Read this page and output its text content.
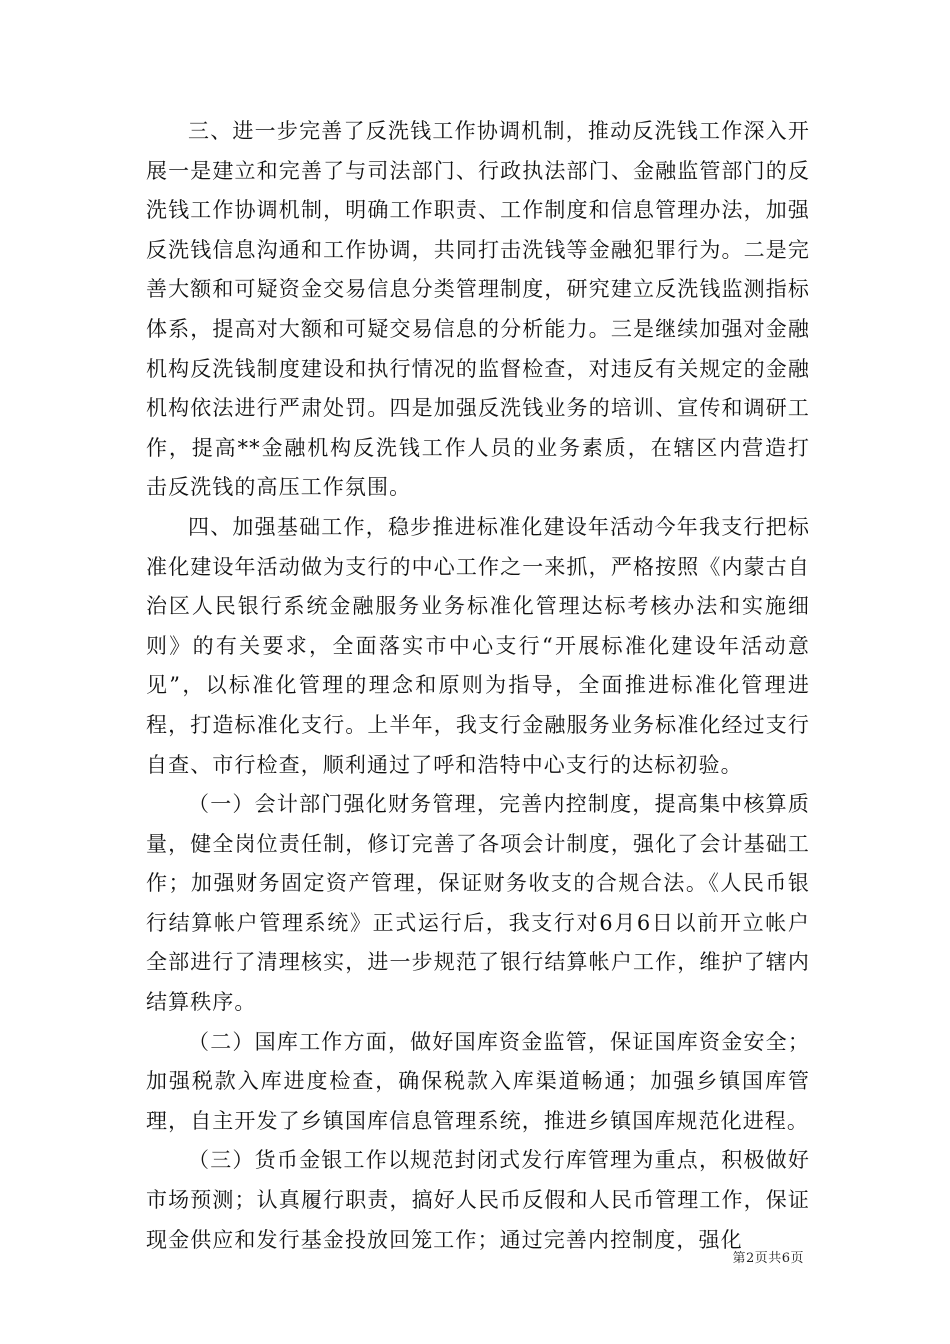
三、进一步完善了反洗钱工作协调机制，推动反洗钱工作深入开展一是建立和完善了与司法部门、行政执法部门、金融监管部门的反洗钱工作协调机制，明确工作职责、工作制度和信息管理办法，加强反洗钱信息沟通和工作协调，共同打击洗钱等金融犯罪行为。二是完善大额和可疑资金交易信息分类管理制度，研究建立反洗钱监测指标体系，提高对大额和可疑交易信息的分析能力。三是继续加强对金融机构反洗钱制度建设和执行情况的监督检查，对违反有关规定的金融机构依法进行严肃处罚。四是加强反洗钱业务的培训、宣传和调研工作，提高**金融机构反洗钱工作人员的业务素质，在辖区内营造打击反洗钱的高压工作氛围。

四、加强基础工作，稳步推进标准化建设年活动今年我支行把标准化建设年活动做为支行的中心工作之一来抓，严格按照《内蒙古自治区人民银行系统金融服务业务标准化管理达标考核办法和实施细则》的有关要求，全面落实市中心支行“开展标准化建设年活动意见”，以标准化管理的理念和原则为指导，全面推进标准化管理进程，打造标准化支行。上半年，我支行金融服务业务标准化经过支行自查、市行检查，顺利通过了呼和浩特中心支行的达标初验。

（一）会计部门强化财务管理，完善内控制度，提高集中核算质量，健全岗位责任制，修订完善了各项会计制度，强化了会计基础工作；加强财务固定资产管理，保证财务收支的合规合法。《人民币银行结算帐户管理系统》正式运行后，我支行对6月6日以前开立帐户全部进行了清理核实，进一步规范了银行结算帐户工作，维护了辖内结算秩序。

（二）国库工作方面，做好国库资金监管，保证国库资金安全；加强税款入库进度检查，确保税款入库渠道畅通；加强乡镇国库管理，自主开发了乡镇国库信息管理系统，推进乡镇国库规范化进程。

（三）货币金银工作以规范封闭式发行库管理为重点，积极做好市场预测；认真履行职责，搞好人民币反假和人民币管理工作，保证现金供应和发行基金投放回笼工作；通过完善内控制度，强化

第2页共6页
